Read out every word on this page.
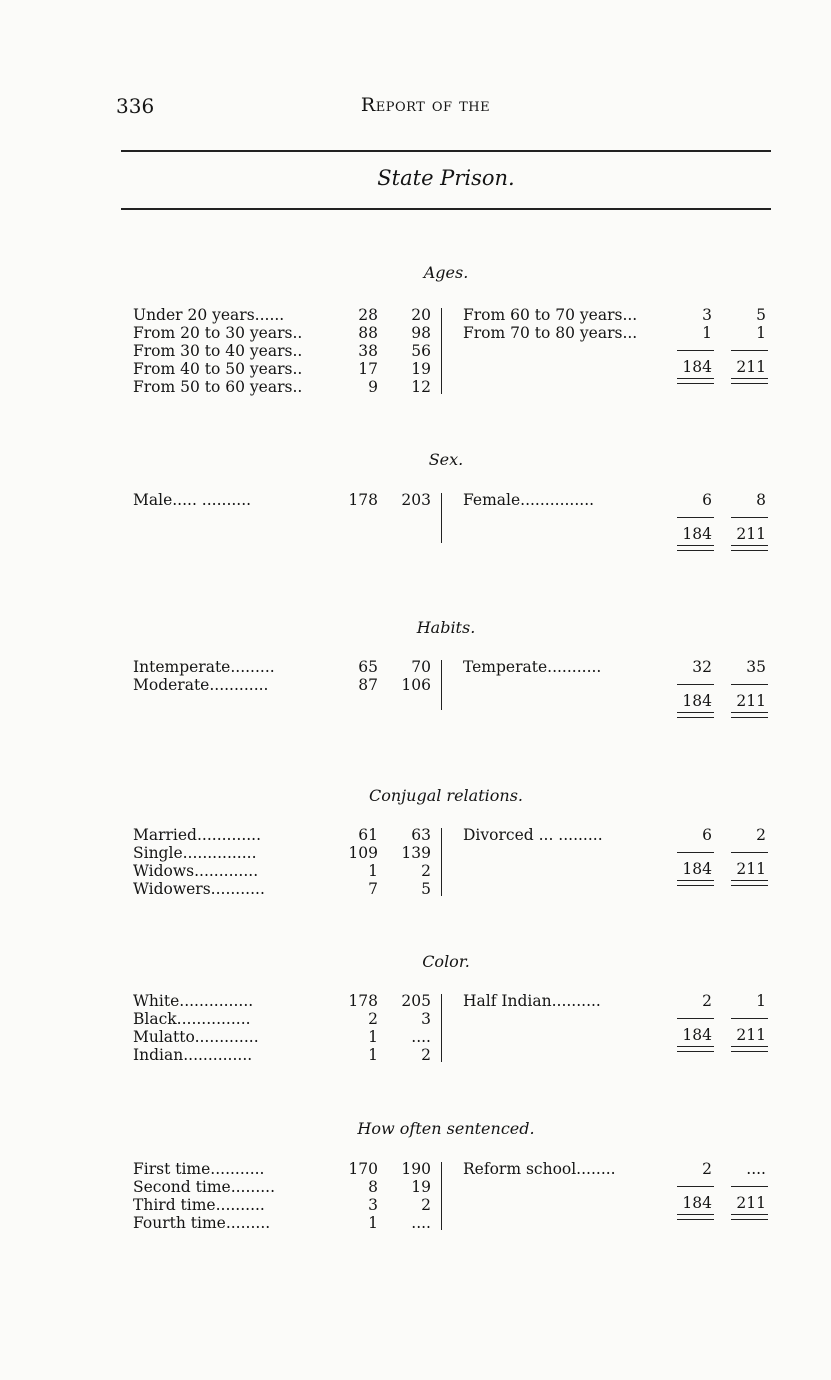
336	Report of the
State Prison.
Ages.
Under 20 years......	28 20
From 20 to 30 years..	88 98
From 30 to 40 years..	38 56
From 40 to 50 years..	17 19
From 50 to 60 years..	9 12
From 60 to 70 years...	3	5
From 70 to 80 years...	1	1
184 211
Sex.
Male..... ..........	178 203 Female...............	6	8
184 211
Habits.
Intemperate.........	65 70
Moderate............	87 106
Temperate...........	32 35
184 211
Conjugal relations.
Married.............	61 63
Single...............	109 139
Widows.............	1	2
Widowers...........	7	5
Divorced ... .........	6	2
184 211
Color.
White...............	178 205
Black...............	2	3
Mulatto.............	1 ....
Indian..............	1	2
Half Indian..........	2	1
184 211
How often sentenced.
First time...........	170 190
Second time.........	8 19
Third time..........	3	2
Fourth time.........	1 ....
Reform school........	2 ....
184 211
